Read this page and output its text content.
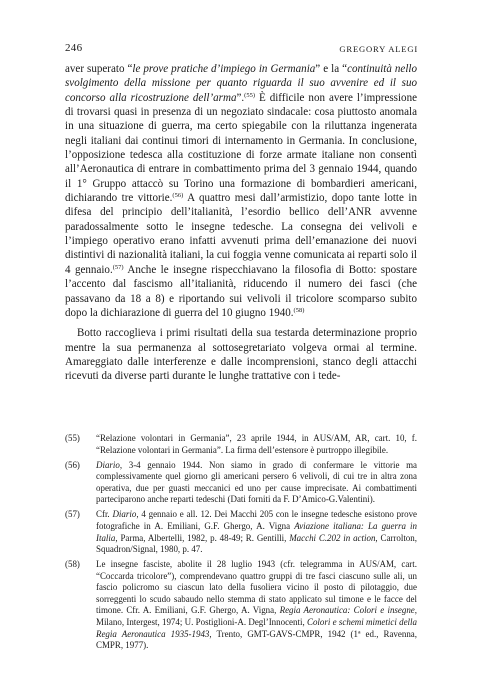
246	GREGORY ALEGI

aver superato “le prove pratiche d’impiego in Germania” e la “continuità nello svolgimento della missione per quanto riguarda il suo avvenire ed il suo concorso alla ricostruzione dell’arma”.$^{(55)}$ È difficile non avere l’impressione di trovarsi quasi in presenza di un negoziato sindacale: cosa piuttosto anomala in una situazione di guerra, ma certo spiegabile con la riluttanza ingenerata negli italiani dai continui timori di internamento in Germania. In conclusione, l’opposizione tedesca alla costituzione di forze armate italiane non consentì all’Aeronautica di entrare in combattimento prima del 3 gennaio 1944, quando il 1° Gruppo attaccò su Torino una formazione di bombardieri americani, dichiarando tre vittorie.$^{(56)}$ A quattro mesi dall’armistizio, dopo tante lotte in difesa del principio dell’italianità, l’esordio bellico dell’ANR avvenne paradossalmente sotto le insegne tedesche. La consegna dei velivoli e l’impiego operativo erano infatti avvenuti prima dell’emanazione dei nuovi distintivi di nazionalità italiani, la cui foggia venne comunicata ai reparti solo il 4 gennaio.$^{(57)}$ Anche le insegne rispecchiavano la filosofia di Botto: spostare l’accento dal fascismo all’italianità, riducendo il numero dei fasci (che passavano da 18 a 8) e riportando sui velivoli il tricolore scomparso subito dopo la dichiarazione di guerra del 10 giugno 1940.$^{(58)}$

Botto raccoglieva i primi risultati della sua testarda determinazione proprio mentre la sua permanenza al sottosegretariato volgeva ormai al termine. Amareggiato dalle interferenze e dalle incomprensioni, stanco degli attacchi ricevuti da diverse parti durante le lunghe trattative con i tede-

(55)	“Relazione volontari in Germania”, 23 aprile 1944, in AUS/AM, AR, cart. 10, f. “Relazione volontari in Germania”. La firma dell’estensore è purtroppo illegibile.
(56)	Diario, 3-4 gennaio 1944. Non siamo in grado di confermare le vittorie ma complessivamente quel giorno gli americani persero 6 velivoli, di cui tre in altra zona operativa, due per guasti meccanici ed uno per cause imprecisate. Ai combattimenti parteciparono anche reparti tedeschi (Dati forniti da F. D’Amico-G.Valentini).
(57)	Cfr. Diario, 4 gennaio e all. 12. Dei Macchi 205 con le insegne tedesche esistono prove fotografiche in A. Emiliani, G.F. Ghergo, A. Vigna Aviazione italiana: La guerra in Italia, Parma, Albertelli, 1982, p. 48-49; R. Gentilli, Macchi C.202 in action, Carrolton, Squadron/Signal, 1980, p. 47.
(58)	Le insegne fasciste, abolite il 28 luglio 1943 (cfr. telegramma in AUS/AM, cart. “Coccarda tricolore”), comprendevano quattro gruppi di tre fasci ciascuno sulle ali, un fascio policromo su ciascun lato della fusoliera vicino il posto di pilotaggio, due sorreggenti lo scudo sabaudo nello stemma di stato applicato sul timone e le facce del timone. Cfr. A. Emiliani, G.F. Ghergo, A. Vigna, Regia Aeronautica: Colori e insegne, Milano, Intergest, 1974; U. Postiglioni-A. Degl’Innocenti, Colori e schemi mimetici della Regia Aeronautica 1935-1943, Trento, GMT-GAVS-CMPR, 1942 (1ª ed., Ravenna, CMPR, 1977).
